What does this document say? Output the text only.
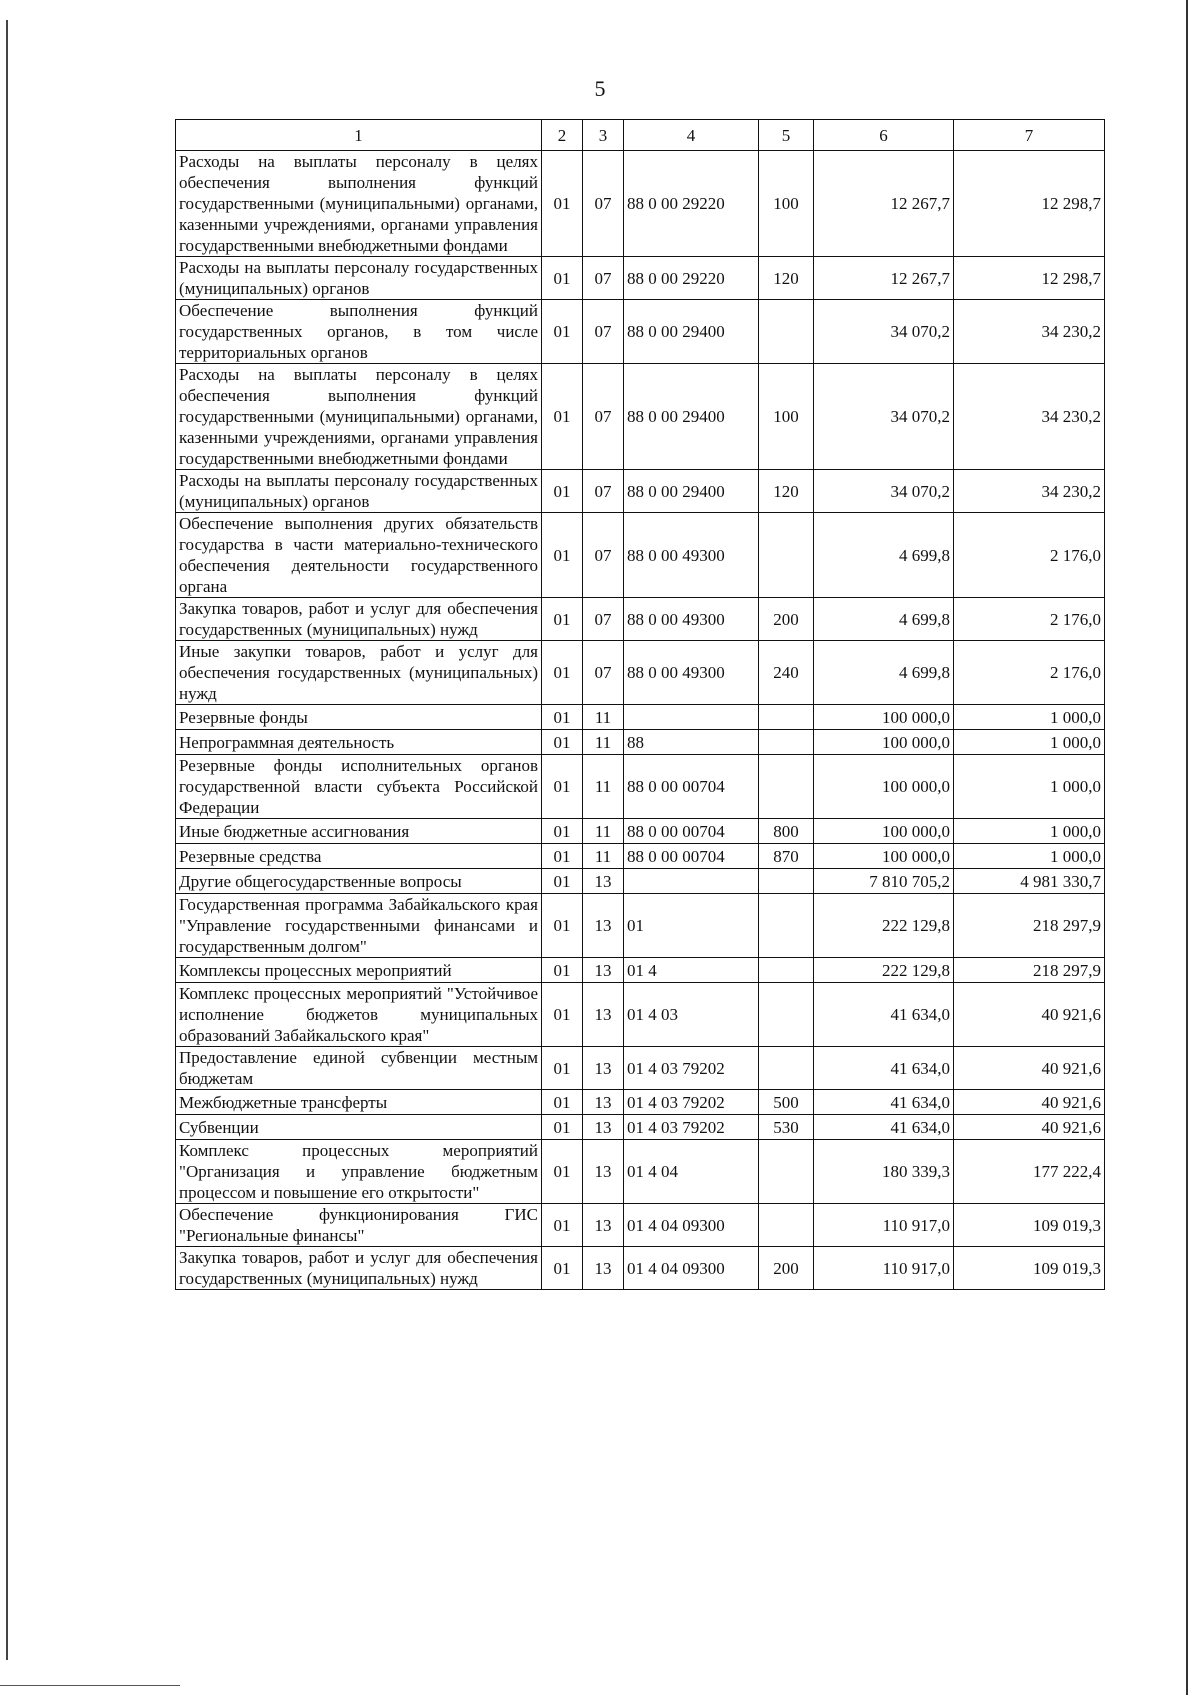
5
1	2	3	4	5	6	7
Расходы на выплаты персоналу в целях обеспечения выполнения функций государственными (муниципальными) органами, казенными учреждениями, органами управления государственными внебюджетными фондами	01	07	88 0 00 29220	100	12 267,7	12 298,7
Расходы на выплаты персоналу государственных (муниципальных) органов	01	07	88 0 00 29220	120	12 267,7	12 298,7
Обеспечение выполнения функций государственных органов, в том числе территориальных органов	01	07	88 0 00 29400		34 070,2	34 230,2
Расходы на выплаты персоналу в целях обеспечения выполнения функций государственными (муниципальными) органами, казенными учреждениями, органами управления государственными внебюджетными фондами	01	07	88 0 00 29400	100	34 070,2	34 230,2
Расходы на выплаты персоналу государственных (муниципальных) органов	01	07	88 0 00 29400	120	34 070,2	34 230,2
Обеспечение выполнения других обязательств государства в части материально-технического обеспечения деятельности государственного органа	01	07	88 0 00 49300		4 699,8	2 176,0
Закупка товаров, работ и услуг для обеспечения государственных (муниципальных) нужд	01	07	88 0 00 49300	200	4 699,8	2 176,0
Иные закупки товаров, работ и услуг для обеспечения государственных (муниципальных) нужд	01	07	88 0 00 49300	240	4 699,8	2 176,0
Резервные фонды	01	11			100 000,0	1 000,0
Непрограммная деятельность	01	11	88		100 000,0	1 000,0
Резервные фонды исполнительных органов государственной власти субъекта Российской Федерации	01	11	88 0 00 00704		100 000,0	1 000,0
Иные бюджетные ассигнования	01	11	88 0 00 00704	800	100 000,0	1 000,0
Резервные средства	01	11	88 0 00 00704	870	100 000,0	1 000,0
Другие общегосударственные вопросы	01	13			7 810 705,2	4 981 330,7
Государственная программа Забайкальского края "Управление государственными финансами и государственным долгом"	01	13	01		222 129,8	218 297,9
Комплексы процессных мероприятий	01	13	01 4		222 129,8	218 297,9
Комплекс процессных мероприятий "Устойчивое исполнение бюджетов муниципальных образований Забайкальского края"	01	13	01 4 03		41 634,0	40 921,6
Предоставление единой субвенции местным бюджетам	01	13	01 4 03 79202		41 634,0	40 921,6
Межбюджетные трансферты	01	13	01 4 03 79202	500	41 634,0	40 921,6
Субвенции	01	13	01 4 03 79202	530	41 634,0	40 921,6
Комплекс процессных мероприятий "Организация и управление бюджетным процессом и повышение его открытости"	01	13	01 4 04		180 339,3	177 222,4
Обеспечение функционирования ГИС "Региональные финансы"	01	13	01 4 04 09300		110 917,0	109 019,3
Закупка товаров, работ и услуг для обеспечения государственных (муниципальных) нужд	01	13	01 4 04 09300	200	110 917,0	109 019,3
